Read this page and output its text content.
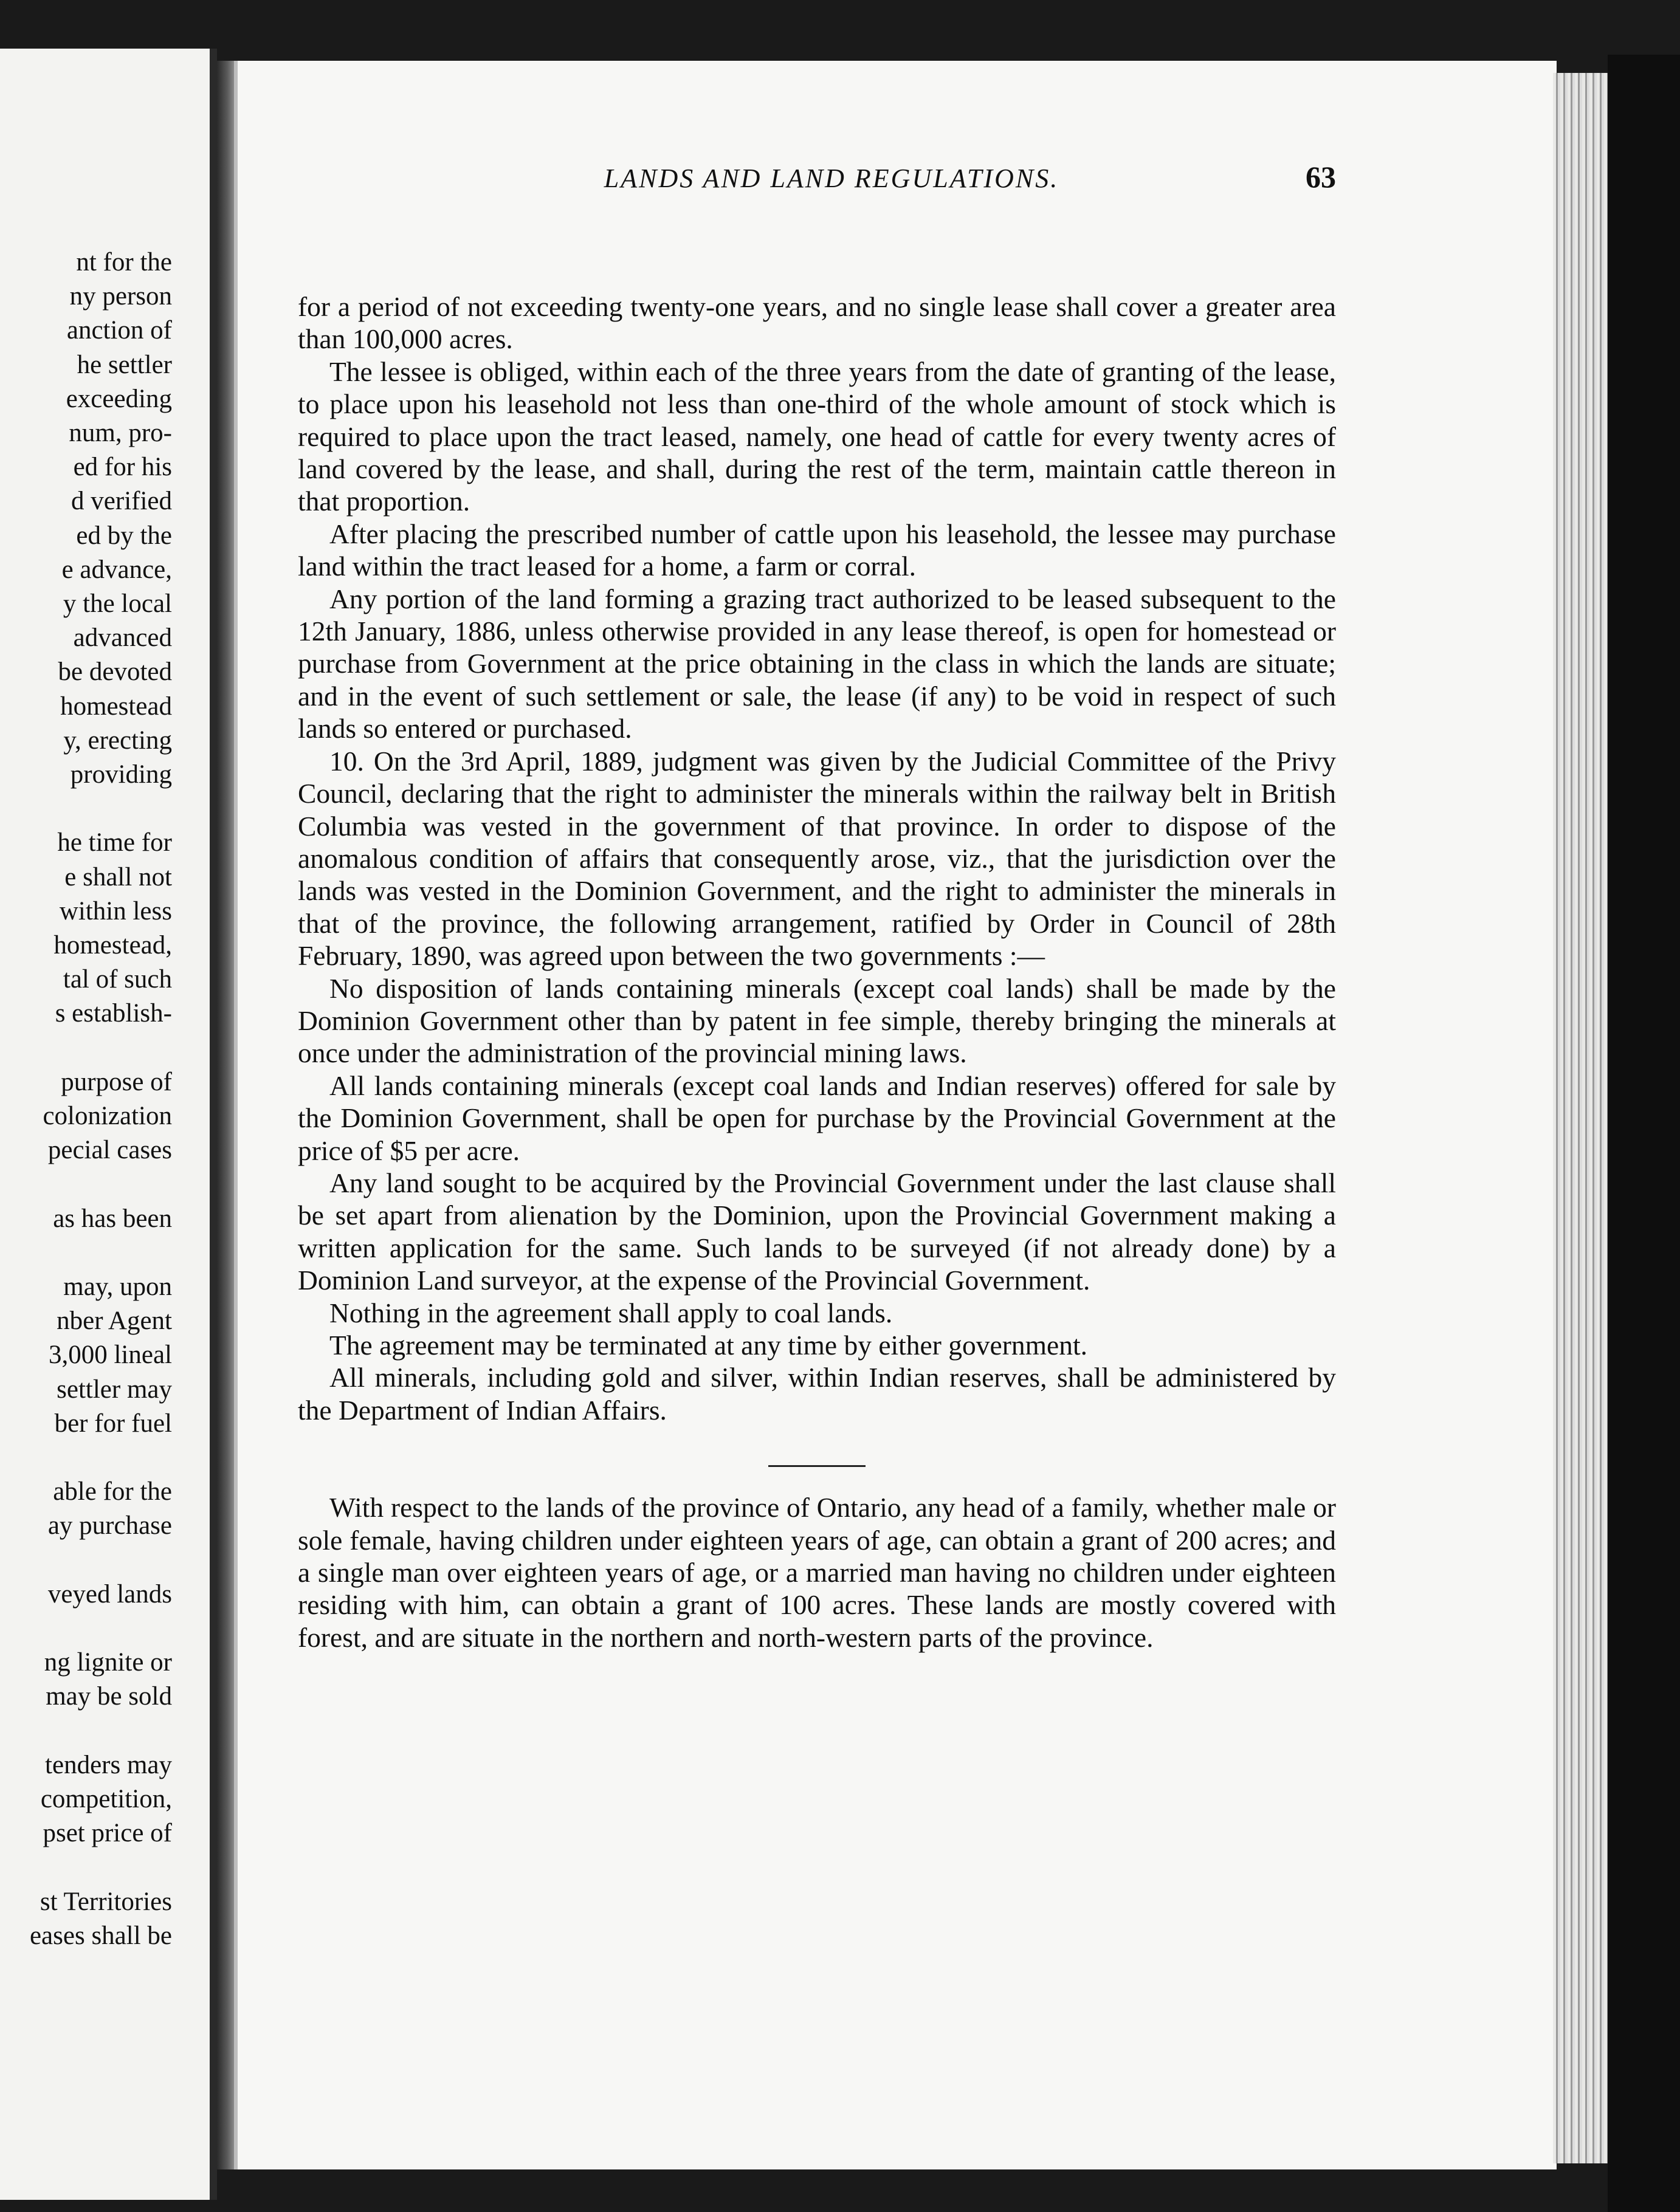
nt for the
ny person
anction of
he settler
exceeding
num, pro-
ed for his
d verified
ed by the
e advance,
y the local
advanced
be devoted
homestead
y, erecting
providing
he time for
e shall not
within less
homestead,
tal of such
s establish-
purpose of
colonization
pecial cases
as has been
may, upon
nber Agent
3,000 lineal
settler may
ber for fuel
able for the
ay purchase
veyed lands
ng lignite or
may be sold
tenders may
competition,
pset price of
st Territories
eases shall be
LANDS AND LAND REGULATIONS.	63

for a period of not exceeding twenty-one years, and no single lease shall cover a greater area than 100,000 acres.

The lessee is obliged, within each of the three years from the date of granting of the lease, to place upon his leasehold not less than one-third of the whole amount of stock which is required to place upon the tract leased, namely, one head of cattle for every twenty acres of land covered by the lease, and shall, during the rest of the term, maintain cattle thereon in that proportion.

After placing the prescribed number of cattle upon his leasehold, the lessee may purchase land within the tract leased for a home, a farm or corral.

Any portion of the land forming a grazing tract authorized to be leased subsequent to the 12th January, 1886, unless otherwise provided in any lease thereof, is open for homestead or purchase from Government at the price obtaining in the class in which the lands are situate; and in the event of such settlement or sale, the lease (if any) to be void in respect of such lands so entered or purchased.

10. On the 3rd April, 1889, judgment was given by the Judicial Committee of the Privy Council, declaring that the right to administer the minerals within the railway belt in British Columbia was vested in the government of that province. In order to dispose of the anomalous condition of affairs that consequently arose, viz., that the jurisdiction over the lands was vested in the Dominion Government, and the right to administer the minerals in that of the province, the following arrangement, ratified by Order in Council of 28th February, 1890, was agreed upon between the two governments :—

No disposition of lands containing minerals (except coal lands) shall be made by the Dominion Government other than by patent in fee simple, thereby bringing the minerals at once under the administration of the provincial mining laws.

All lands containing minerals (except coal lands and Indian reserves) offered for sale by the Dominion Government, shall be open for purchase by the Provincial Government at the price of $5 per acre.

Any land sought to be acquired by the Provincial Government under the last clause shall be set apart from alienation by the Dominion, upon the Provincial Government making a written application for the same. Such lands to be surveyed (if not already done) by a Dominion Land surveyor, at the expense of the Provincial Government.

Nothing in the agreement shall apply to coal lands.

The agreement may be terminated at any time by either government.

All minerals, including gold and silver, within Indian reserves, shall be administered by the Department of Indian Affairs.

With respect to the lands of the province of Ontario, any head of a family, whether male or sole female, having children under eighteen years of age, can obtain a grant of 200 acres; and a single man over eighteen years of age, or a married man having no children under eighteen residing with him, can obtain a grant of 100 acres. These lands are mostly covered with forest, and are situate in the northern and north-western parts of the province.
